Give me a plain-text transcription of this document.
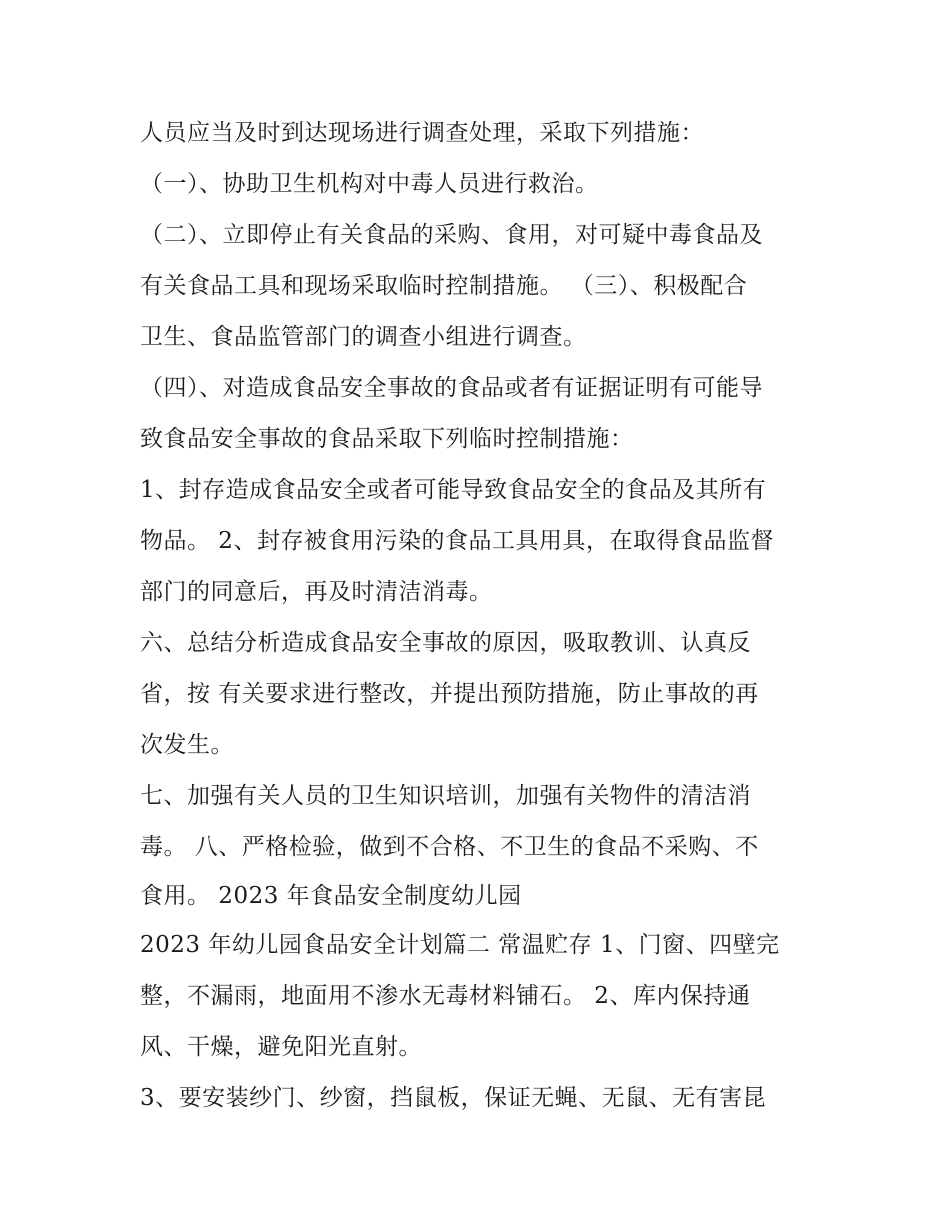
人员应当及时到达现场进行调查处理，采取下列措施：
（一）、协助卫生机构对中毒人员进行救治。
（二）、立即停止有关食品的采购、食用，对可疑中毒食品及
有关食品工具和现场采取临时控制措施。 （三）、积极配合
卫生、食品监管部门的调查小组进行调查。
（四）、对造成食品安全事故的食品或者有证据证明有可能导
致食品安全事故的食品采取下列临时控制措施：
1、封存造成食品安全或者可能导致食品安全的食品及其所有
物品。 2、封存被食用污染的食品工具用具，在取得食品监督
部门的同意后，再及时清洁消毒。
六、总结分析造成食品安全事故的原因，吸取教训、认真反
省，按 有关要求进行整改，并提出预防措施，防止事故的再
次发生。
七、加强有关人员的卫生知识培训，加强有关物件的清洁消
毒。 八、严格检验，做到不合格、不卫生的食品不采购、不
食用。 2023 年食品安全制度幼儿园
2023 年幼儿园食品安全计划篇二 常温贮存 1、门窗、四壁完
整，不漏雨，地面用不渗水无毒材料铺石。 2、库内保持通
风、干燥，避免阳光直射。
3、要安装纱门、纱窗，挡鼠板，保证无蝇、无鼠、无有害昆
